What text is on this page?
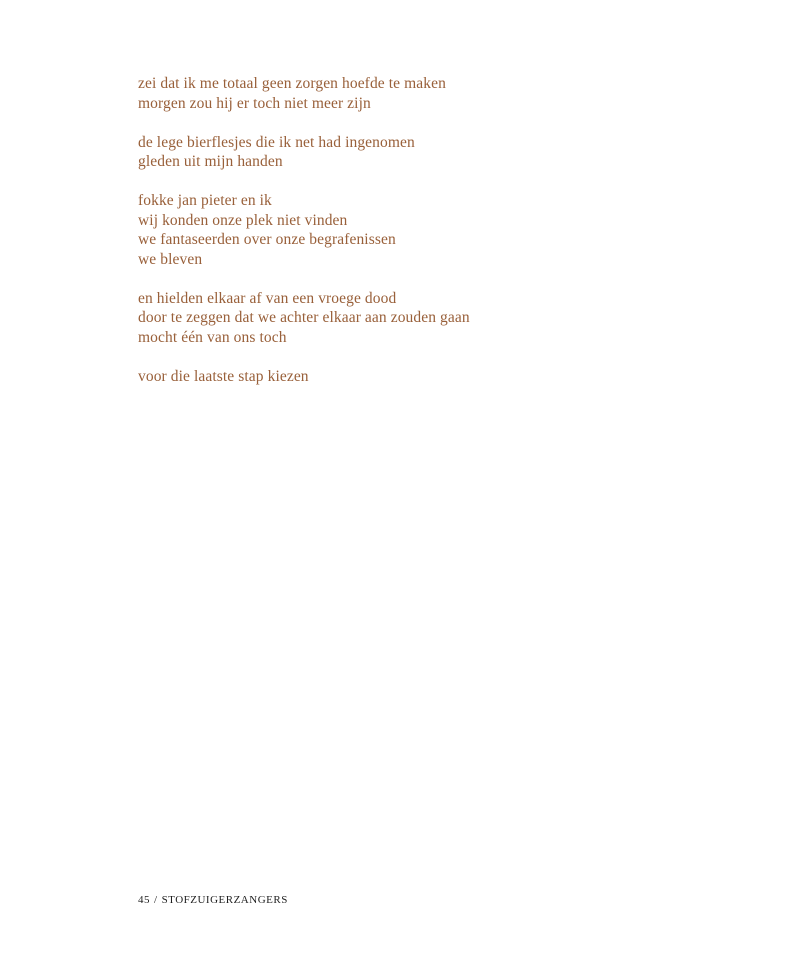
zei dat ik me totaal geen zorgen hoefde te maken
morgen zou hij er toch niet meer zijn
de lege bierflesjes die ik net had ingenomen
gleden uit mijn handen
fokke jan pieter en ik
wij konden onze plek niet vinden
we fantaseerden over onze begrafenissen
we bleven
en hielden elkaar af van een vroege dood
door te zeggen dat we achter elkaar aan zouden gaan
mocht één van ons toch
voor die laatste stap kiezen
45 / STOFZUIGERZANGERS
